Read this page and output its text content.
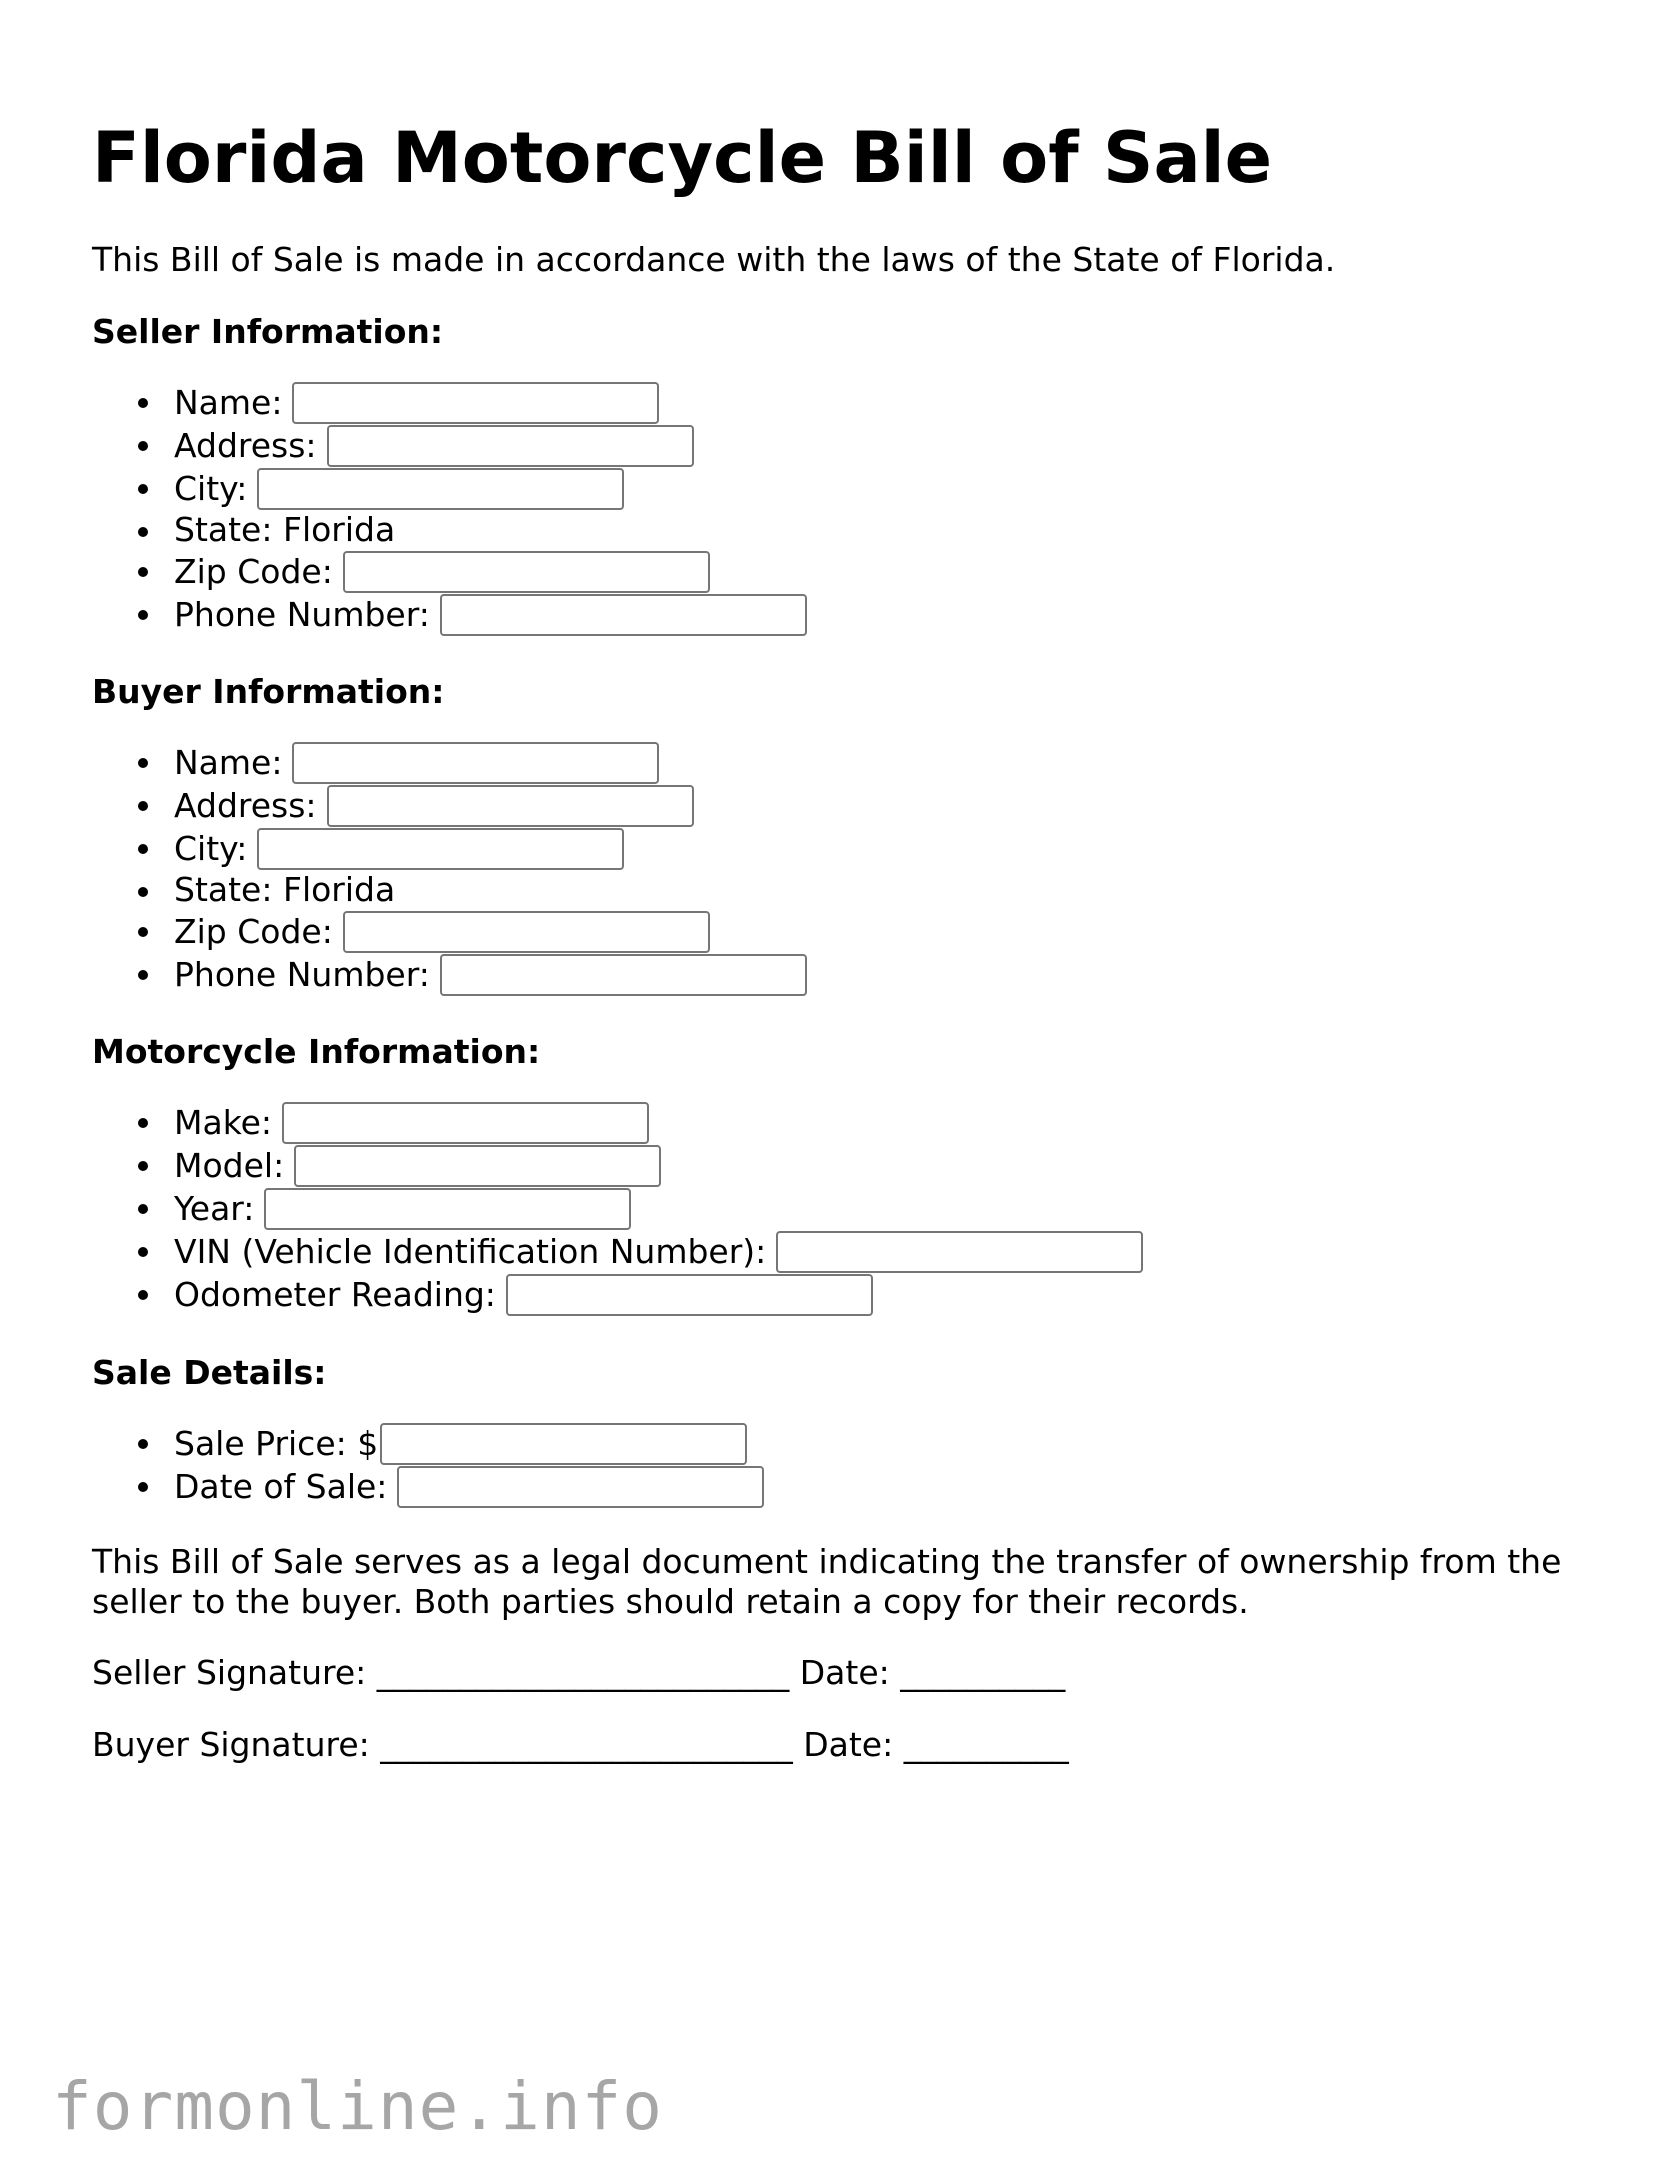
Florida Motorcycle Bill of Sale

This Bill of Sale is made in accordance with the laws of the State of Florida.

Seller Information:

Name:
Address:
City:
State: Florida
Zip Code:
Phone Number:

Buyer Information:

Name:
Address:
City:
State: Florida
Zip Code:
Phone Number:

Motorcycle Information:

Make:
Model:
Year:
VIN (Vehicle Identification Number):
Odometer Reading:

Sale Details:

Sale Price: $
Date of Sale:

This Bill of Sale serves as a legal document indicating the transfer of ownership from the seller to the buyer. Both parties should retain a copy for their records.

Seller Signature: _________________________ Date: __________

Buyer Signature: _________________________ Date: __________

formonline.info
